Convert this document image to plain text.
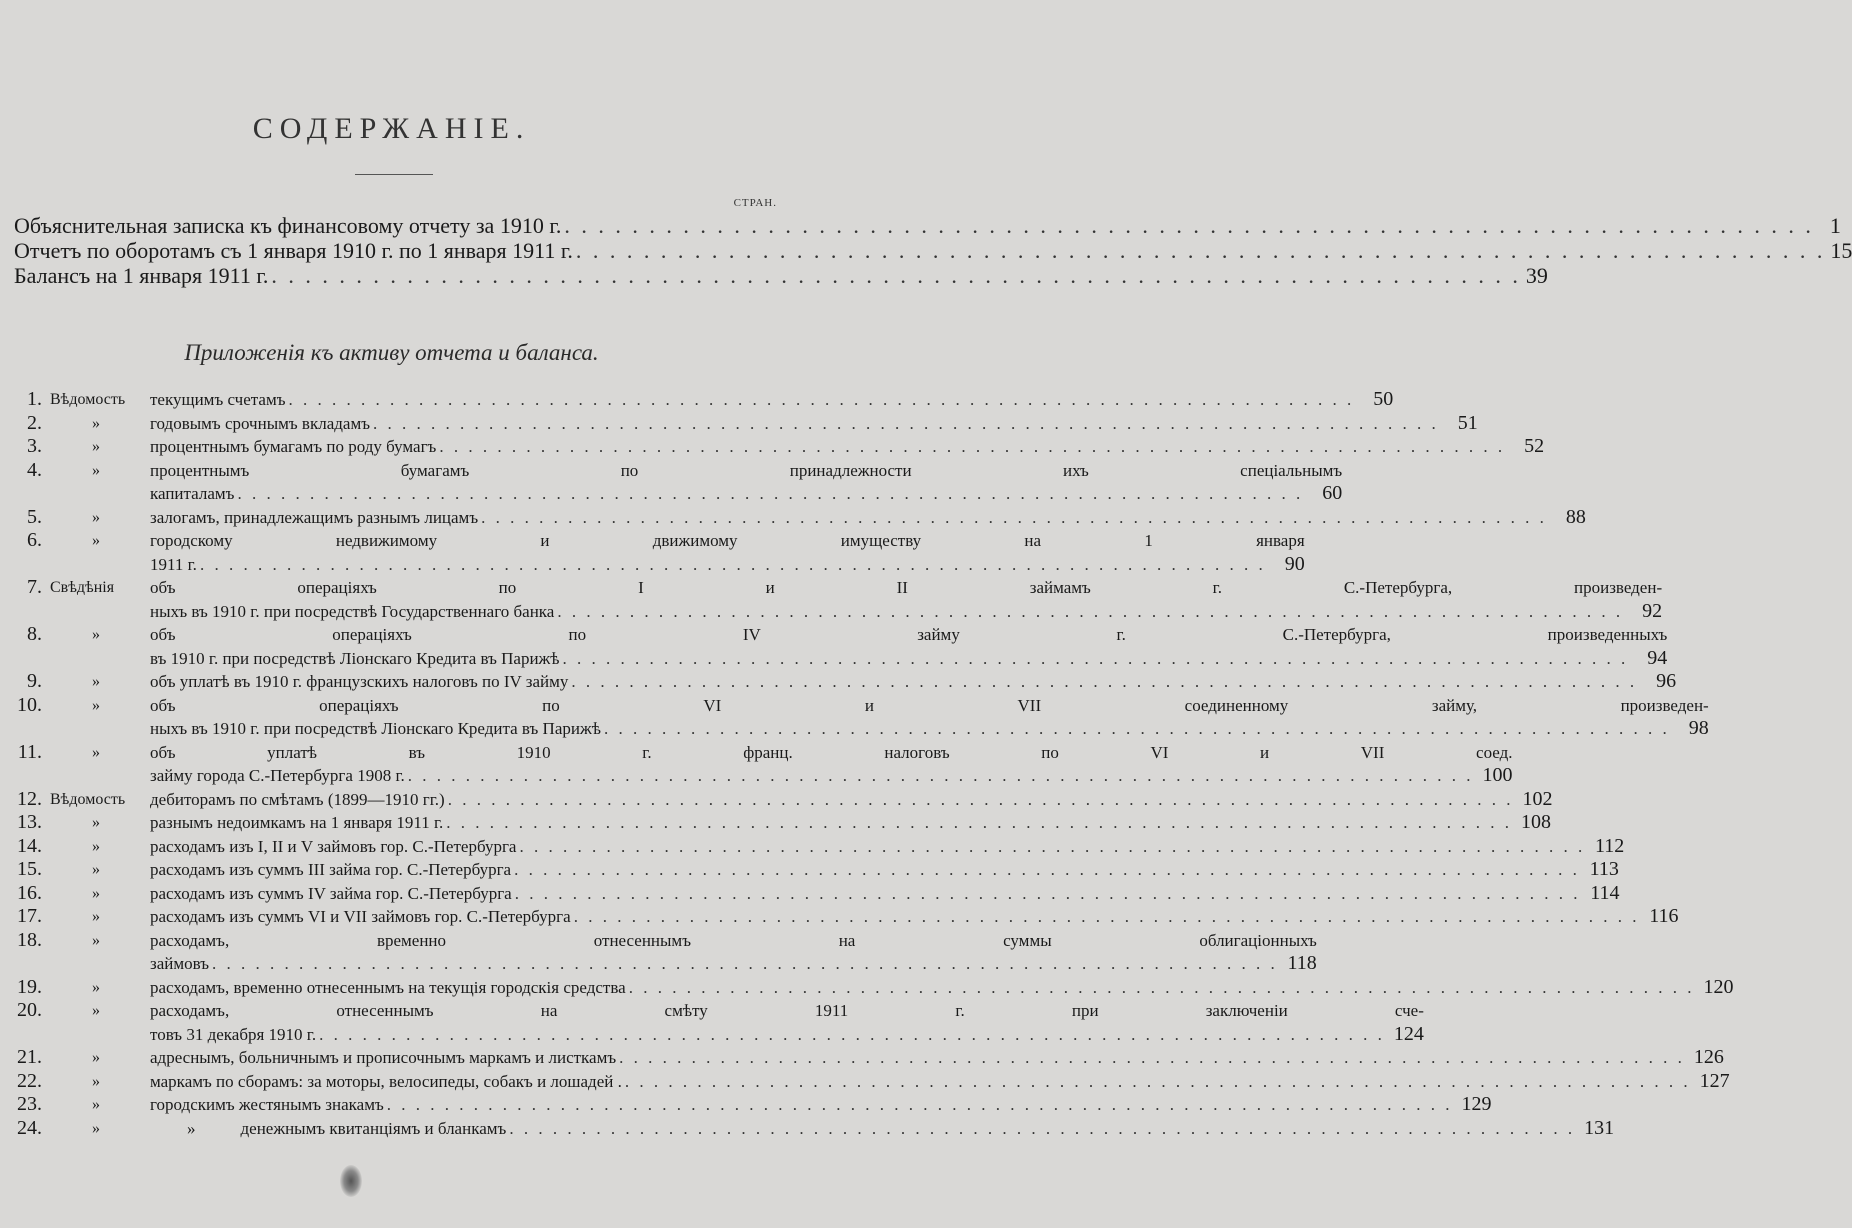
СОДЕРЖАНІЕ.
СТРАН.
Объяснительная записка къ финансовому отчету за 1910 г. . . .	1
Отчетъ по оборотамъ съ 1 января 1910 г. по 1 января 1911 г. . . .	15
Балансъ на 1 января 1911 г. . . .	39
Приложенія къ активу отчета и баланса.
1. Вѣдомость	текущимъ счетамъ . . .	50
2.	»	годовымъ срочнымъ вкладамъ . . .	51
3.	»	процентнымъ бумагамъ по роду бумагъ . . .	52
4.	»	процентнымъ бумагамъ по принадлежности ихъ спеціальнымъ
капиталамъ . . .	60
5.	»	залогамъ, принадлежащимъ разнымъ лицамъ . . .	88
6.	»	городскому недвижимому и движимому имуществу на 1 января
1911 г. . . .	90
7. Свѣдѣнія	объ операціяхъ по I и II займамъ г. С.-Петербурга, произведен-
ныхъ въ 1910 г. при посредствѣ Государственнаго банка . . .	92
8.	»	объ операціяхъ по IV займу г. С.-Петербурга, произведенныхъ
въ 1910 г. при посредствѣ Ліонскаго Кредита въ Парижѣ . . .	94
9.	»	объ уплатѣ въ 1910 г. французскихъ налоговъ по IV займу . . .	96
10.	»	объ операціяхъ по VI и VII соединенному займу, произведен-
ныхъ въ 1910 г. при посредствѣ Ліонскаго Кредита въ Парижѣ . . .	98
11.	»	объ уплатѣ въ 1910 г. франц. налоговъ по VI и VII соед.
займу города С.-Петербурга 1908 г. . . .	100
12. Вѣдомость	дебиторамъ по смѣтамъ (1899—1910 гг.) . . .	102
13.	»	разнымъ недоимкамъ на 1 января 1911 г. . . .	108
14.	»	расходамъ изъ I, II и V займовъ гор. С.-Петербурга . . .	112
15.	»	расходамъ изъ суммъ III займа гор. С.-Петербурга . . .	113
16.	»	расходамъ изъ суммъ IV займа гор. С.-Петербурга . . .	114
17.	»	расходамъ изъ суммъ VI и VII займовъ гор. С.-Петербурга . . .	116
18.	»	расходамъ, временно отнесеннымъ на суммы облигаціонныхъ
займовъ . . .	118
19.	»	расходамъ, временно отнесеннымъ на текущія городскія средства . . .	120
20.	»	расходамъ, отнесеннымъ на смѣту 1911 г. при заключеніи сче-
товъ 31 декабря 1910 г. . . .	124
21.	»	адреснымъ, больничнымъ и прописочнымъ маркамъ и листкамъ . . .	126
22.	»	маркамъ по сборамъ: за моторы, велосипеды, собакъ и лошадей . . . .	127
23.	»	городскимъ жестянымъ знакамъ . . .	129
24.	»	»	денежнымъ квитанціямъ и бланкамъ . . .	131
